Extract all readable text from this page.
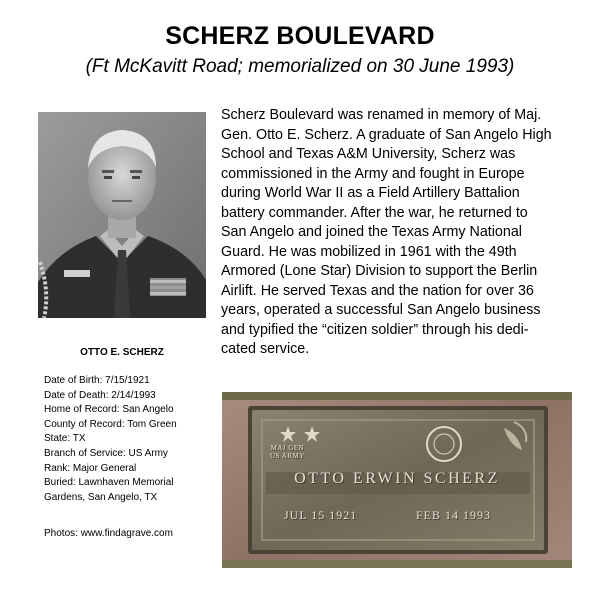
SCHERZ BOULEVARD
(Ft McKavitt Road; memorialized on 30 June 1993)
OTTO E. SCHERZ
Date of Birth: 7/15/1921
Date of Death: 2/14/1993
Home of Record: San Angelo
County of Record: Tom Green
State: TX
Branch of Service: US Army
Rank: Major General
Buried: Lawnhaven Memorial Gardens, San Angelo, TX
Photos: www.findagrave.com
Scherz Boulevard was renamed in memory of Maj.
Gen. Otto E. Scherz. A graduate of San Angelo High
School and Texas A&M University, Scherz was
commissioned in the Army and fought in Europe
during World War II as a Field Artillery Battalion
battery commander. After the war, he returned to
San Angelo and joined the Texas Army National
Guard. He was mobilized in 1961 with the 49th
Armored (Lone Star) Division to support the Berlin
Airlift. He served Texas and the nation for over 36
years, operated a successful San Angelo business
and typified the “citizen soldier” through his dedi-
cated service.
MAJ GEN
US ARMY
OTTO ERWIN SCHERZ
JUL 15 1921	FEB 14 1993
